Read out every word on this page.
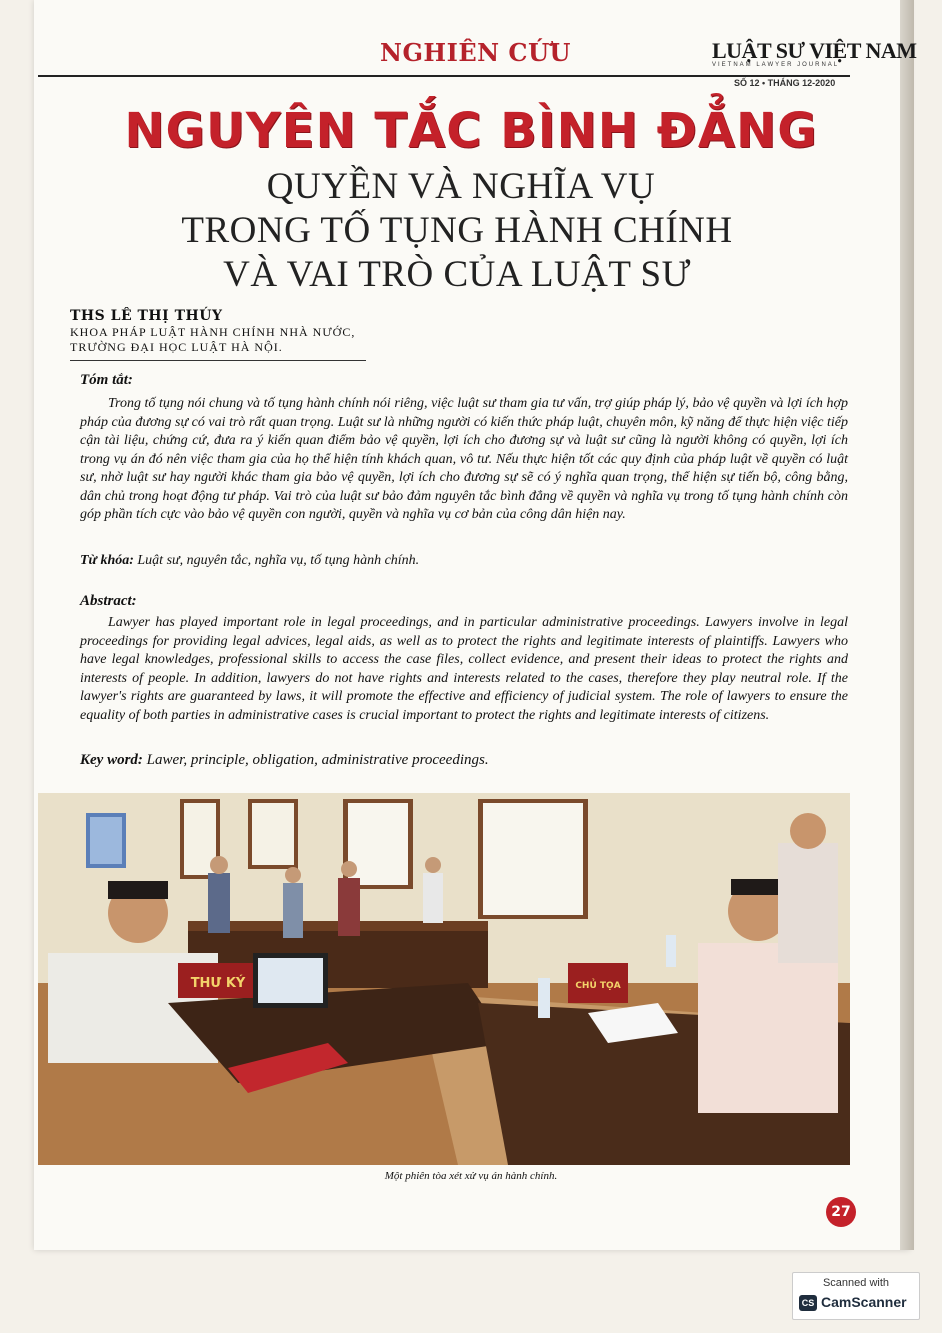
NGHIÊN CỨU	LUẬT SƯ VIỆT NAM
VIETNAM LAWYER JOURNAL
SỐ 12 • THÁNG 12-2020
NGUYÊN TẮC BÌNH ĐẲNG
QUYỀN VÀ NGHĨA VỤ
TRONG TỐ TỤNG HÀNH CHÍNH
VÀ VAI TRÒ CỦA LUẬT SƯ
THS LÊ THỊ THÚY
KHOA PHÁP LUẬT HÀNH CHÍNH NHÀ NƯỚC,
TRƯỜNG ĐẠI HỌC LUẬT HÀ NỘI.
Tóm tắt:
Trong tố tụng nói chung và tố tụng hành chính nói riêng, việc luật sư tham gia tư vấn, trợ giúp pháp lý, bảo vệ quyền và lợi ích hợp pháp của đương sự có vai trò rất quan trọng. Luật sư là những người có kiến thức pháp luật, chuyên môn, kỹ năng để thực hiện việc tiếp cận tài liệu, chứng cứ, đưa ra ý kiến quan điểm bảo vệ quyền, lợi ích cho đương sự và luật sư cũng là người không có quyền, lợi ích trong vụ án đó nên việc tham gia của họ thể hiện tính khách quan, vô tư. Nếu thực hiện tốt các quy định của pháp luật về quyền có luật sư, nhờ luật sư hay người khác tham gia bảo vệ quyền, lợi ích cho đương sự sẽ có ý nghĩa quan trọng, thể hiện sự tiến bộ, công bằng, dân chủ trong hoạt động tư pháp. Vai trò của luật sư bảo đảm nguyên tắc bình đẳng về quyền và nghĩa vụ trong tố tụng hành chính còn góp phần tích cực vào bảo vệ quyền con người, quyền và nghĩa vụ cơ bản của công dân hiện nay.
Từ khóa: Luật sư, nguyên tắc, nghĩa vụ, tố tụng hành chính.
Abstract:
Lawyer has played important role in legal proceedings, and in particular administrative proceedings. Lawyers involve in legal proceedings for providing legal advices, legal aids, as well as to protect the rights and legitimate interests of plaintiffs. Lawyers who have legal knowledges, professional skills to access the case files, collect evidence, and present their ideas to protect the rights and interests of people. In addition, lawyers do not have rights and interests related to the cases, therefore they play neutral role. If the lawyer's rights are guaranteed by laws, it will promote the effective and efficiency of judicial system. The role of lawyers to ensure the equality of both parties in administrative cases is crucial important to protect the rights and legitimate interests of citizens.
Key word: Lawer, principle, obligation, administrative proceedings.
THƯ KÝ	CHỦ TỌA
Một phiên tòa xét xử vụ án hành chính.
27
Scanned with
CS CamScanner
